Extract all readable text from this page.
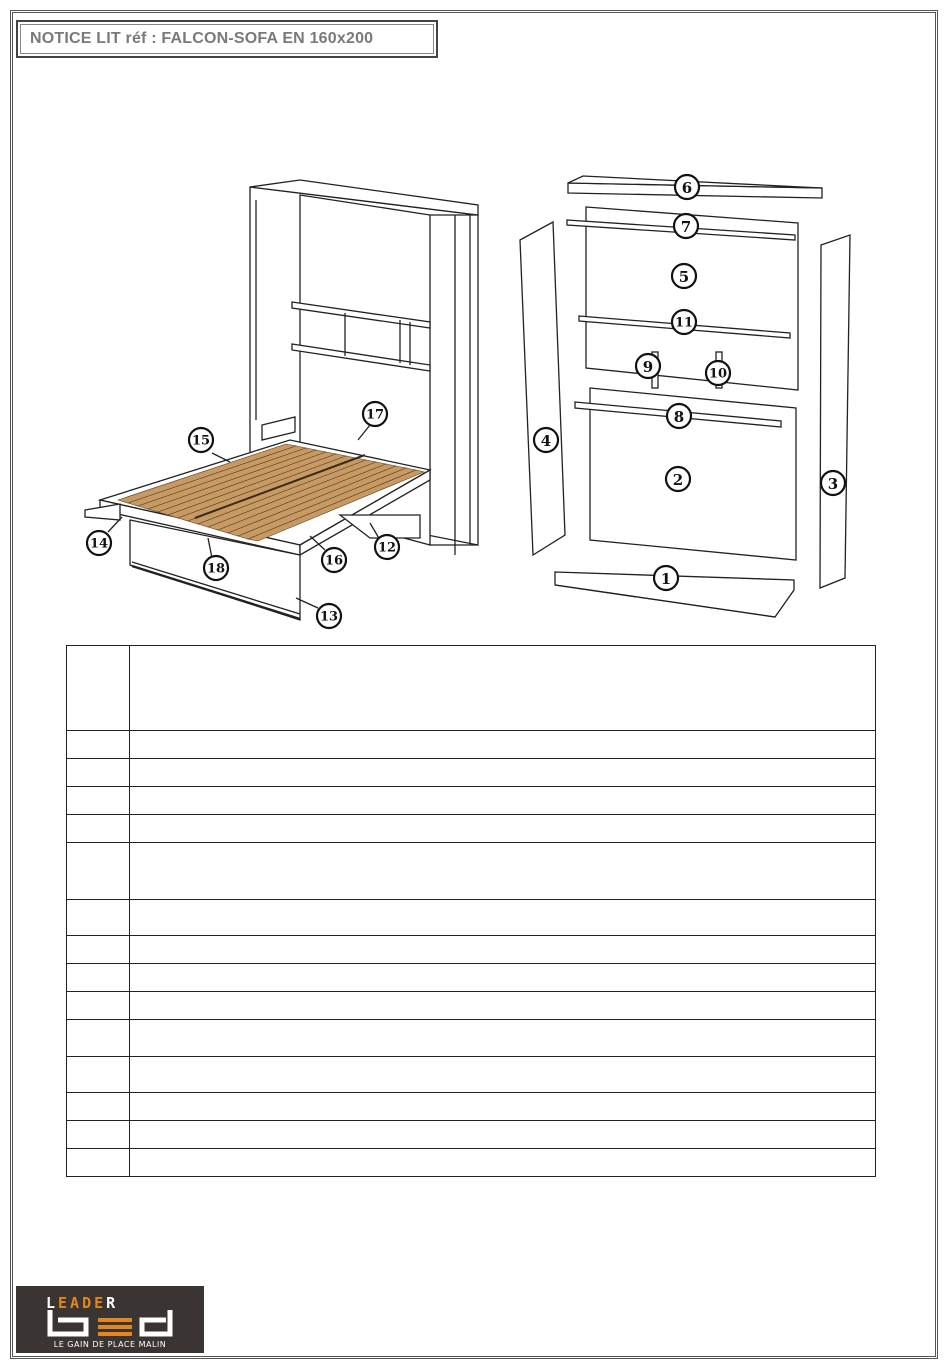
NOTICE LIT réf : FALCON-SOFA EN 160x200
1
2	3
4
5
6
7
8
9	10
11
12
13
14
15
16
17
18

LEADER
LE GAIN DE PLACE MALIN
